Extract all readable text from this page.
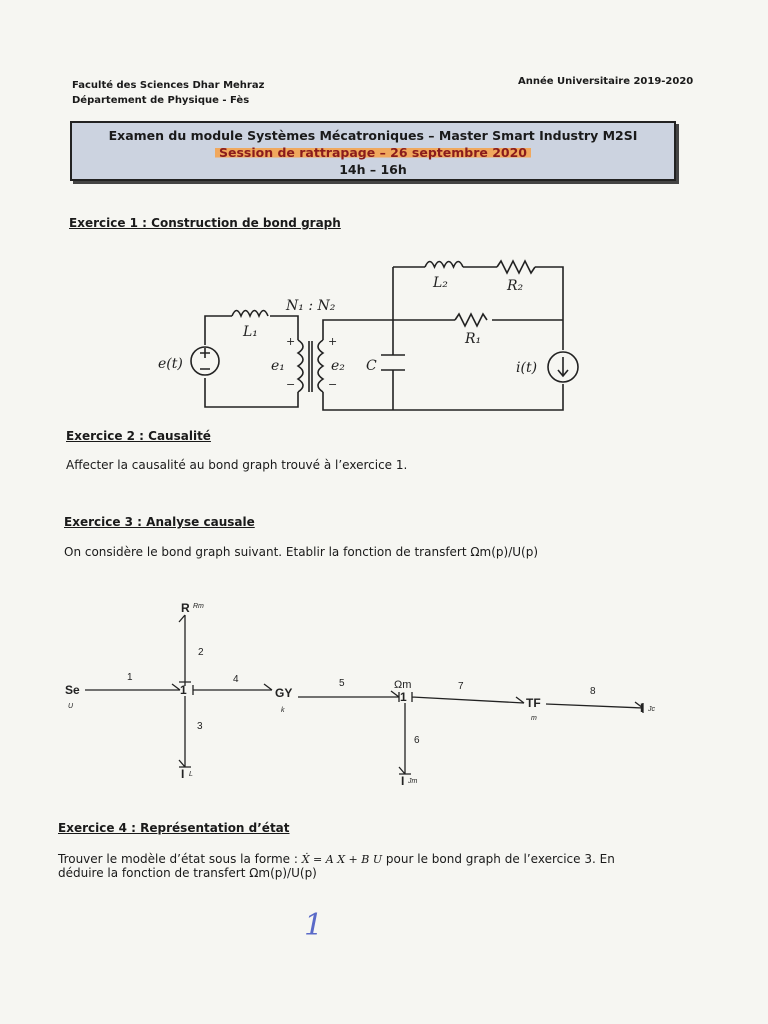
Faculté des Sciences Dhar Mehraz
Département de Physique - Fès
Année Universitaire 2019-2020
Examen du module Systèmes Mécatroniques – Master Smart Industry M2SI
Session de rattrapage – 26 septembre 2020
14h – 16h
Exercice 1 : Construction de bond graph
L₁
N₁ : N₂
e(t)	e₁	e₂ C
L₂	R₂
R₁
i(t)
+
−
+
−
Se
U
R Rm
1	GY
k
Ωm
1	TF
m
I L	I Jm
I Jc
1
2
3
4	5
6
7	8
Exercice 2 : Causalité
Affecter la causalité au bond graph trouvé à l’exercice 1.
Exercice 3 : Analyse causale
On considère le bond graph suivant. Etablir la fonction de transfert Ωm(p)/U(p)
Exercice 4 : Représentation d’état
Trouver le modèle d’état sous la forme : Ẋ = A X + B U pour le bond graph de l’exercice 3. En
déduire la fonction de transfert Ωm(p)/U(p)
1
